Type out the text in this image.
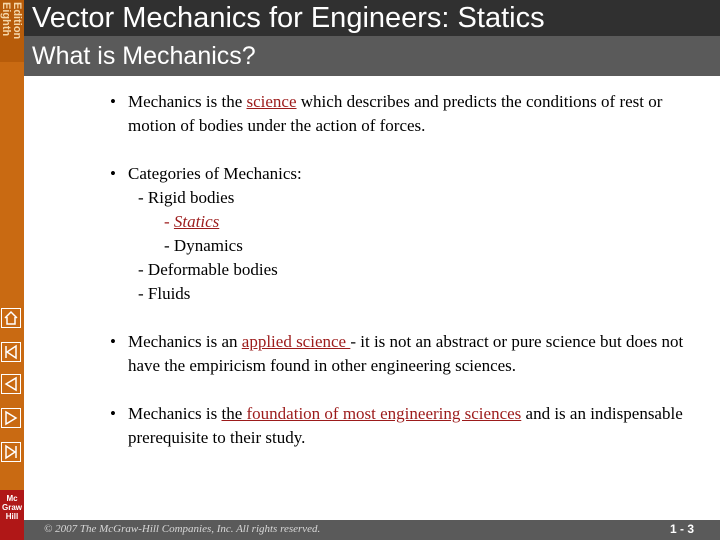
Eighth Edition Vector Mechanics for Engineers: Statics
What is Mechanics?
• Mechanics is the science which describes and predicts the conditions of rest or motion of bodies under the action of forces.

• Categories of Mechanics:

- Rigid bodies

- Statics

- Dynamics

- Deformable bodies

- Fluids

• Mechanics is an applied science - it is not an abstract or pure science but does not have the empiricism found in other engineering sciences.

• Mechanics is the foundation of most engineering sciences and is an indispensable prerequisite to their study.

© 2007 The McGraw-Hill Companies, Inc. All rights reserved.	1 - 3
Mc
Graw
Hill
